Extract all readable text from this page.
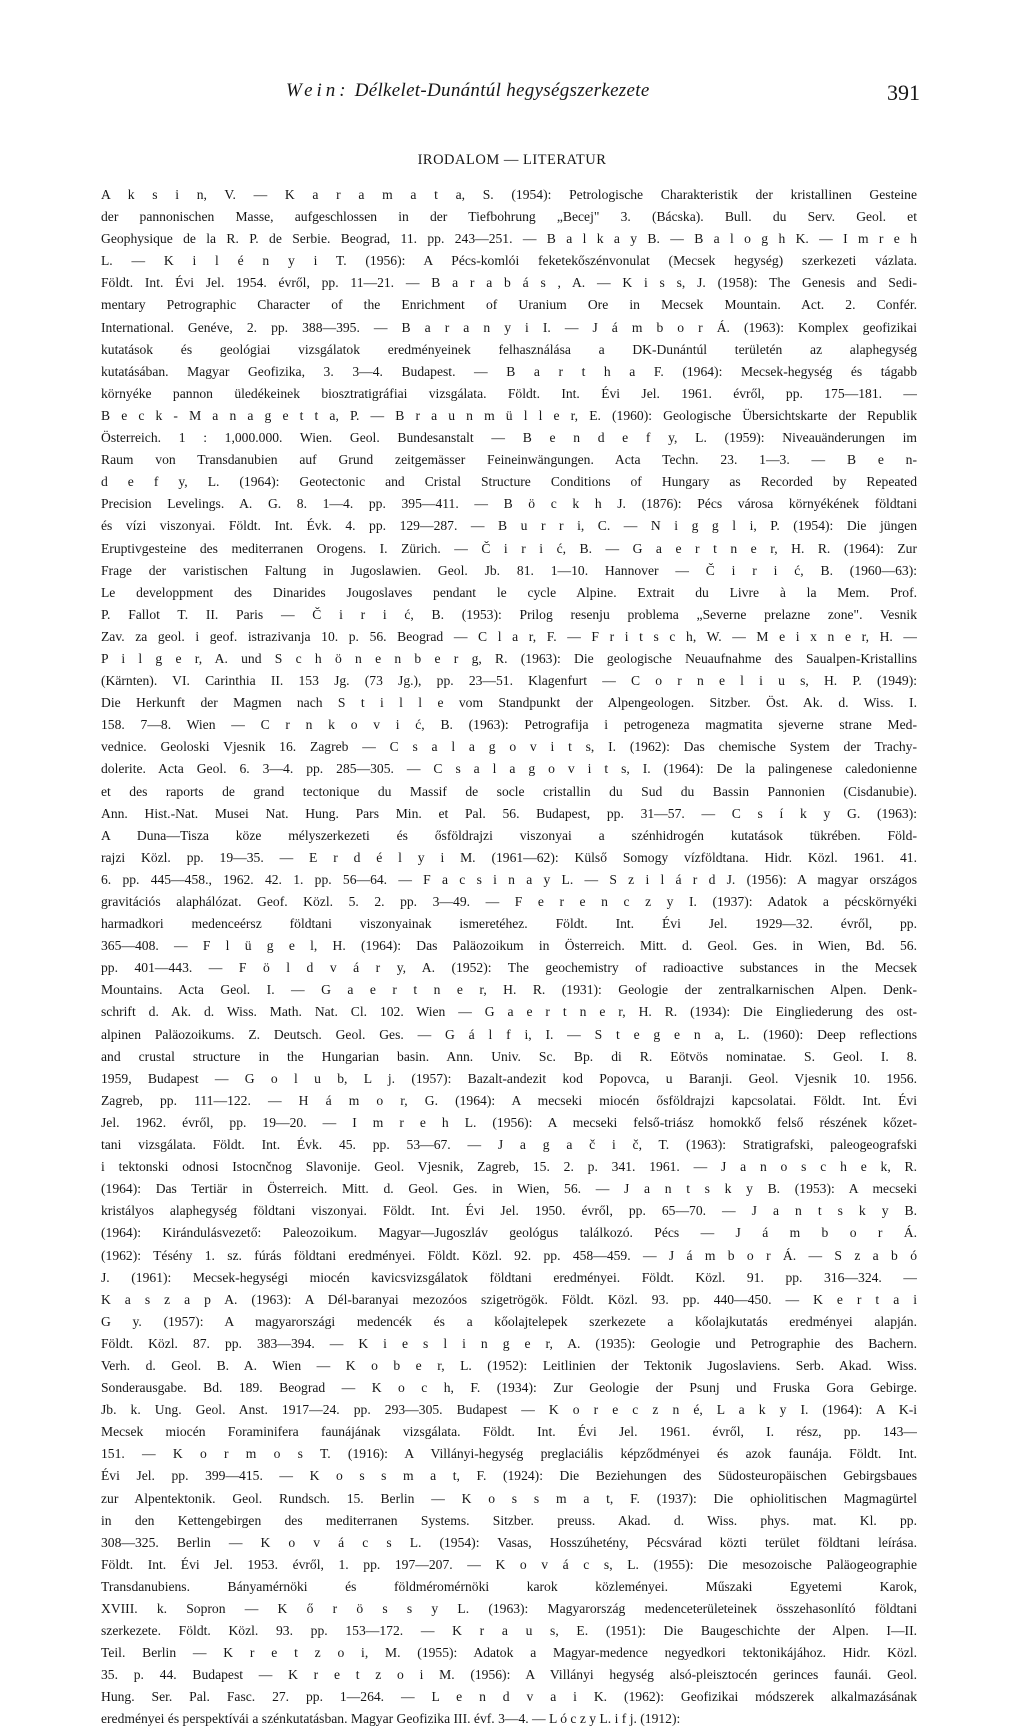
Wein: Délkelet-Dunántúl hegységszerkezete	391
IRODALOM — LITERATUR
A k s i n, V. — K a r a m a t a, S. (1954): Petrologische Charakteristik der kristallinen Gesteine
der pannonischen Masse, aufgeschlossen in der Tiefbohrung „Becej" 3. (Bácska). Bull. du Serv. Geol. et
Geophysique de la R. P. de Serbie. Beograd, 11. pp. 243—251. — B a l k a y B. — B a l o g h K. — I m r e h
L. — K i l é n y i T. (1956): A Pécs-komlói feketekőszénvonulat (Mecsek hegység) szerkezeti vázlata.
Földt. Int. Évi Jel. 1954. évről, pp. 11—21. — B a r a b á s , A. — K i s s, J. (1958): The Genesis and Sedi-
mentary Petrographic Character of the Enrichment of Uranium Ore in Mecsek Mountain. Act. 2. Confér.
International. Genéve, 2. pp. 388—395. — B a r a n y i I. — J á m b o r Á. (1963): Komplex geofizikai
kutatások és geológiai vizsgálatok eredményeinek felhasználása a DK-Dunántúl területén az alaphegység
kutatásában. Magyar Geofizika, 3. 3—4. Budapest. — B a r t h a F. (1964): Mecsek-hegység és tágabb
környéke pannon üledékeinek biosztratigráfiai vizsgálata. Földt. Int. Évi Jel. 1961. évről, pp. 175—181. —
B e c k - M a n a g e t t a, P. — B r a u n m ü l l e r, E. (1960): Geologische Übersichtskarte der Republik
Österreich. 1 : 1,000.000. Wien. Geol. Bundesanstalt — B e n d e f y, L. (1959): Niveauänderungen im
Raum von Transdanubien auf Grund zeitgemässer Feineinwängungen. Acta Techn. 23. 1—3. — B e n-
d e f y, L. (1964): Geotectonic and Cristal Structure Conditions of Hungary as Recorded by Repeated
Precision Levelings. A. G. 8. 1—4. pp. 395—411. — B ö c k h J. (1876): Pécs városa környékének földtani
és vízi viszonyai. Földt. Int. Évk. 4. pp. 129—287. — B u r r i, C. — N i g g l i, P. (1954): Die jüngen
Eruptivgesteine des mediterranen Orogens. I. Zürich. — Č i r i ć, B. — G a e r t n e r, H. R. (1964): Zur
Frage der varistischen Faltung in Jugoslawien. Geol. Jb. 81. 1—10. Hannover — Č i r i ć, B. (1960—63):
Le developpment des Dinarides Jougoslaves pendant le cycle Alpine. Extrait du Livre à la Mem. Prof.
P. Fallot T. II. Paris — Č i r i ć, B. (1953): Prilog resenju problema „Severne prelazne zone". Vesnik
Zav. za geol. i geof. istrazivanja 10. p. 56. Beograd — C l a r, F. — F r i t s c h, W. — M e i x n e r, H. —
P i l g e r, A. und S c h ö n e n b e r g, R. (1963): Die geologische Neuaufnahme des Saualpen-Kristallins
(Kärnten). VI. Carinthia II. 153 Jg. (73 Jg.), pp. 23—51. Klagenfurt — C o r n e l i u s, H. P. (1949):
Die Herkunft der Magmen nach S t i l l e vom Standpunkt der Alpengeologen. Sitzber. Öst. Ak. d. Wiss. I.
158. 7—8. Wien — C r n k o v i ć, B. (1963): Petrografija i petrogeneza magmatita sjeverne strane Med-
vednice. Geoloski Vjesnik 16. Zagreb — C s a l a g o v i t s, I. (1962): Das chemische System der Trachy-
dolerite. Acta Geol. 6. 3—4. pp. 285—305. — C s a l a g o v i t s, I. (1964): De la palingenese caledonienne
et des raports de grand tectonique du Massif de socle cristallin du Sud du Bassin Pannonien (Cisdanubie).
Ann. Hist.-Nat. Musei Nat. Hung. Pars Min. et Pal. 56. Budapest, pp. 31—57. — C s í k y G. (1963):
A Duna—Tisza köze mélyszerkezeti és ősföldrajzi viszonyai a szénhidrogén kutatások tükrében. Föld-
rajzi Közl. pp. 19—35. — E r d é l y i M. (1961—62): Külső Somogy vízföldtana. Hidr. Közl. 1961. 41.
6. pp. 445—458., 1962. 42. 1. pp. 56—64. — F a c s i n a y L. — S z i l á r d J. (1956): A magyar országos
gravitációs alaphálózat. Geof. Közl. 5. 2. pp. 3—49. — F e r e n c z y I. (1937): Adatok a pécskörnyéki
harmadkori medenceérsz földtani viszonyainak ismeretéhez. Földt. Int. Évi Jel. 1929—32. évről, pp.
365—408. — F l ü g e l, H. (1964): Das Paläozoikum in Österreich. Mitt. d. Geol. Ges. in Wien, Bd. 56.
pp. 401—443. — F ö l d v á r y, A. (1952): The geochemistry of radioactive substances in the Mecsek
Mountains. Acta Geol. I. — G a e r t n e r, H. R. (1931): Geologie der zentralkarnischen Alpen. Denk-
schrift d. Ak. d. Wiss. Math. Nat. Cl. 102. Wien — G a e r t n e r, H. R. (1934): Die Eingliederung des ost-
alpinen Paläozoikums. Z. Deutsch. Geol. Ges. — G á l f i, I. — S t e g e n a, L. (1960): Deep reflections
and crustal structure in the Hungarian basin. Ann. Univ. Sc. Bp. di R. Eötvös nominatae. S. Geol. I. 8.
1959, Budapest — G o l u b, L j. (1957): Bazalt-andezit kod Popovca, u Baranji. Geol. Vjesnik 10. 1956.
Zagreb, pp. 111—122. — H á m o r, G. (1964): A mecseki miocén ősföldrajzi kapcsolatai. Földt. Int. Évi
Jel. 1962. évről, pp. 19—20. — I m r e h L. (1956): A mecseki felső-triász homokkő felső részének kőzet-
tani vizsgálata. Földt. Int. Évk. 45. pp. 53—67. — J a g a č i č, T. (1963): Stratigrafski, paleogeografski
i tektonski odnosi Istocnčnog Slavonije. Geol. Vjesnik, Zagreb, 15. 2. p. 341. 1961. — J a n o s c h e k, R.
(1964): Das Tertiär in Österreich. Mitt. d. Geol. Ges. in Wien, 56. — J a n t s k y B. (1953): A mecseki
kristályos alaphegység földtani viszonyai. Földt. Int. Évi Jel. 1950. évről, pp. 65—70. — J a n t s k y B.
(1964): Kirándulásvezető: Paleozoikum. Magyar—Jugoszláv geológus találkozó. Pécs — J á m b o r Á.
(1962): Tésény 1. sz. fúrás földtani eredményei. Földt. Közl. 92. pp. 458—459. — J á m b o r Á. — S z a b ó
J. (1961): Mecsek-hegységi miocén kavicsvizsgálatok földtani eredményei. Földt. Közl. 91. pp. 316—324. —
K a s z a p A. (1963): A Dél-baranyai mezozóos szigetrögök. Földt. Közl. 93. pp. 440—450. — K e r t a i
G y. (1957): A magyarországi medencék és a kőolajtelepek szerkezete a kőolajkutatás eredményei alapján.
Földt. Közl. 87. pp. 383—394. — K i e s l i n g e r, A. (1935): Geologie und Petrographie des Bachern.
Verh. d. Geol. B. A. Wien — K o b e r, L. (1952): Leitlinien der Tektonik Jugoslaviens. Serb. Akad. Wiss.
Sonderausgabe. Bd. 189. Beograd — K o c h, F. (1934): Zur Geologie der Psunj und Fruska Gora Gebirge.
Jb. k. Ung. Geol. Anst. 1917—24. pp. 293—305. Budapest — K o r e c z n é, L a k y I. (1964): A K-i
Mecsek miocén Foraminifera faunájának vizsgálata. Földt. Int. Évi Jel. 1961. évről, I. rész, pp. 143—
151. — K o r m o s T. (1916): A Villányi-hegység preglaciális képződményei és azok faunája. Földt. Int.
Évi Jel. pp. 399—415. — K o s s m a t, F. (1924): Die Beziehungen des Südosteuropäischen Gebirgsbaues
zur Alpentektonik. Geol. Rundsch. 15. Berlin — K o s s m a t, F. (1937): Die ophiolitischen Magmagürtel
in den Kettengebirgen des mediterranen Systems. Sitzber. preuss. Akad. d. Wiss. phys. mat. Kl. pp.
308—325. Berlin — K o v á c s L. (1954): Vasas, Hosszúhetény, Pécsvárad közti terület földtani leírása.
Földt. Int. Évi Jel. 1953. évről, 1. pp. 197—207. — K o v á c s, L. (1955): Die mesozoische Paläogeographie
Transdanubiens. Bányamérnöki és földméromérnöki karok közleményei. Műszaki Egyetemi Karok,
XVIII. k. Sopron — K ő r ö s s y L. (1963): Magyarország medenceterületeinek összehasonlító földtani
szerkezete. Földt. Közl. 93. pp. 153—172. — K r a u s, E. (1951): Die Baugeschichte der Alpen. I—II.
Teil. Berlin — K r e t z o i, M. (1955): Adatok a Magyar-medence negyedkori tektonikájához. Hidr. Közl.
35. p. 44. Budapest — K r e t z o i M. (1956): A Villányi hegység alsó-pleisztocén gerinces faunái. Geol.
Hung. Ser. Pal. Fasc. 27. pp. 1—264. — L e n d v a i K. (1962): Geofizikai módszerek alkalmazásának
eredményei és perspektívái a szénkutatásban. Magyar Geofizika III. évf. 3—4. — L ó c z y L. i f j. (1912):
